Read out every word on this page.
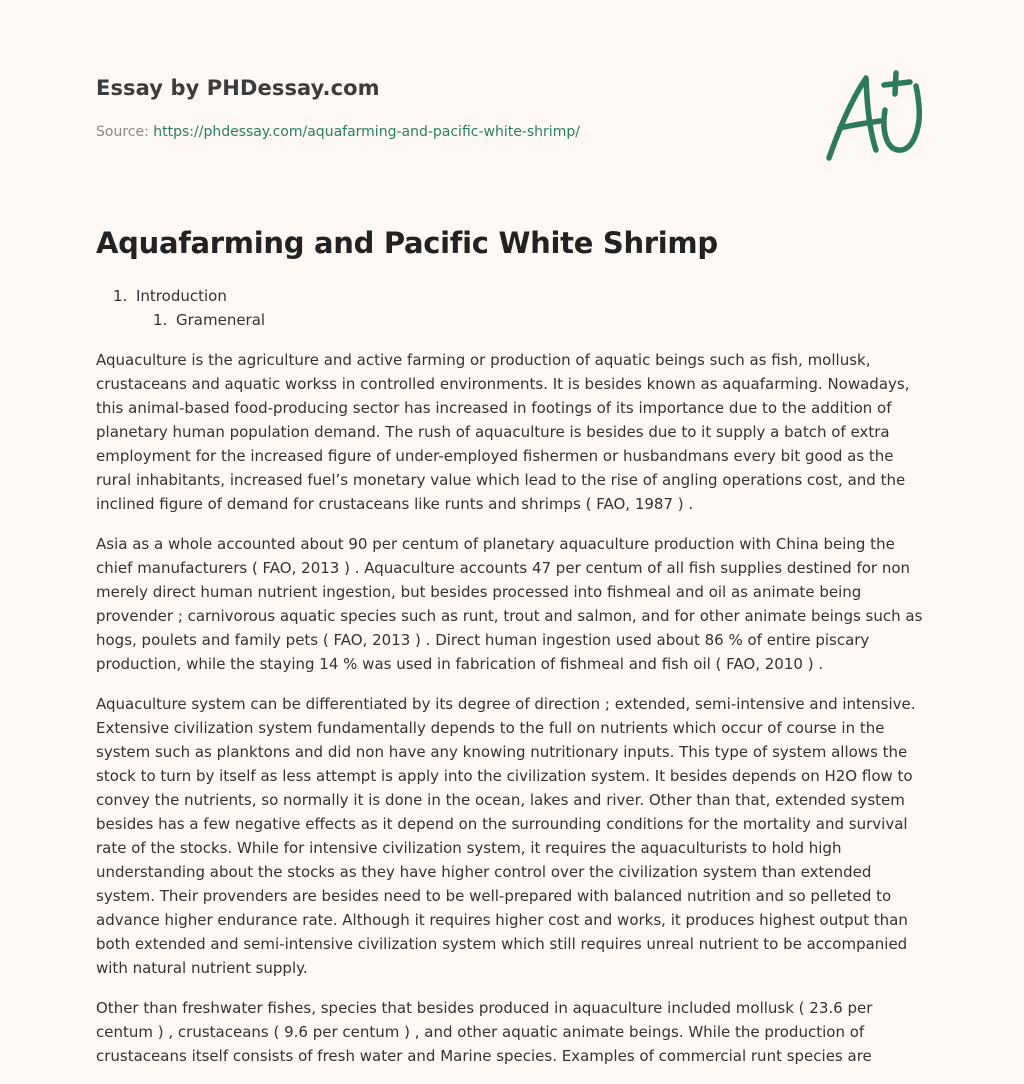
Essay by PHDessay.com
Source: https://phdessay.com/aquafarming-and-pacific-white-shrimp/
Aquafarming and Pacific White Shrimp
1. Introduction
1. Grameneral

Aquaculture is the agriculture and active farming or production of aquatic beings such as fish, mollusk, crustaceans and aquatic workss in controlled environments. It is besides known as aquafarming. Nowadays, this animal-based food-producing sector has increased in footings of its importance due to the addition of planetary human population demand. The rush of aquaculture is besides due to it supply a batch of extra employment for the increased figure of under-employed fishermen or husbandmans every bit good as the rural inhabitants, increased fuel’s monetary value which lead to the rise of angling operations cost, and the inclined figure of demand for crustaceans like runts and shrimps ( FAO, 1987 ) .

Asia as a whole accounted about 90 per centum of planetary aquaculture production with China being the chief manufacturers ( FAO, 2013 ) . Aquaculture accounts 47 per centum of all fish supplies destined for non merely direct human nutrient ingestion, but besides processed into fishmeal and oil as animate being provender ; carnivorous aquatic species such as runt, trout and salmon, and for other animate beings such as hogs, poulets and family pets ( FAO, 2013 ) . Direct human ingestion used about 86 % of entire piscary production, while the staying 14 % was used in fabrication of fishmeal and fish oil ( FAO, 2010 ) .

Aquaculture system can be differentiated by its degree of direction ; extended, semi-intensive and intensive. Extensive civilization system fundamentally depends to the full on nutrients which occur of course in the system such as planktons and did non have any knowing nutritionary inputs. This type of system allows the stock to turn by itself as less attempt is apply into the civilization system. It besides depends on H2O flow to convey the nutrients, so normally it is done in the ocean, lakes and river. Other than that, extended system besides has a few negative effects as it depend on the surrounding conditions for the mortality and survival rate of the stocks. While for intensive civilization system, it requires the aquaculturists to hold high understanding about the stocks as they have higher control over the civilization system than extended system. Their provenders are besides need to be well-prepared with balanced nutrition and so pelleted to advance higher endurance rate. Although it requires higher cost and works, it produces highest output than both extended and semi-intensive civilization system which still requires unreal nutrient to be accompanied with natural nutrient supply.

Other than freshwater fishes, species that besides produced in aquaculture included mollusk ( 23.6 per centum ) , crustaceans ( 9.6 per centum ) , and other aquatic animate beings. While the production of crustaceans itself consists of fresh water and Marine species. Examples of commercial runt species are
